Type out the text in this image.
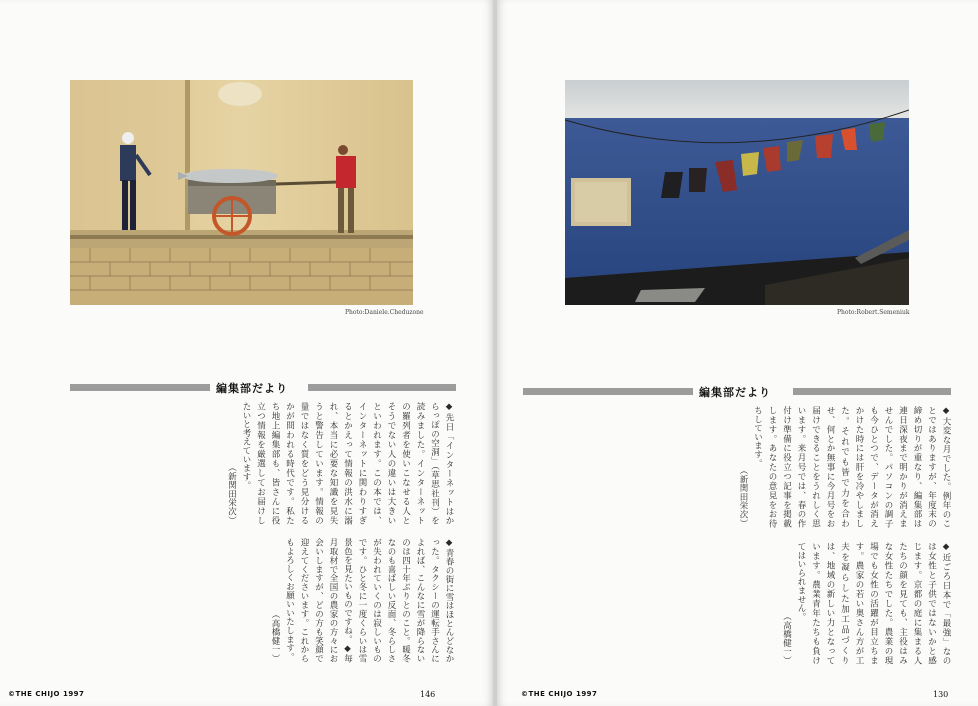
Photo:Daniele.Cheduzone
編集部だより
◆先日「インターネットはからっぽの空洞」（草思社刊）を読みました。インターネットの羅列者を使いこなせる人とそうでない人の違いは大きいといわれます。この本では、インターネットに関わりすぎるとかえって情報の洪水に溺れ、本当に必要な知識を見失うと警告しています。情報の量ではなく質をどう見分けるかが問われる時代です。私たち地上編集部も、皆さんに役立つ情報を厳選してお届けしたいと考えています。
（新関田栄次）
◆青春の街に雪はほとんどなかった。タクシーの運転手さんによれば、こんなに雪が降らないのは四十年ぶりとのこと。暖冬なのも喜ばしい反面、冬らしさが失われていくのは寂しいものです。ひと冬に一度くらいは雪景色を見たいものですね。◆毎月取材で全国の農家の方々にお会いしますが、どの方も笑顔で迎えてくださいます。これからもよろしくお願いいたします。
（高橋健一）
©THE CHIJO 1997	146
Photo:Robert.Semeniuk
編集部だより
◆大変な月でした。例年のことではありますが、年度末の締め切りが重なり、編集部は連日深夜まで明かりが消えませんでした。パソコンの調子も今ひとつで、データが消えかけた時には肝を冷やしました。それでも皆で力を合わせ、何とか無事に今月号をお届けできることをうれしく思います。来月号では、春の作付け準備に役立つ記事を掲載します。あなたの意見をお待ちしています。
（新関田栄次）
◆近ごろ日本で「最強」なのは女性と子供ではないかと感じます。京都の庭に集まる人たちの顔を見ても、主役はみな女性たちでした。農業の現場でも女性の活躍が目立ちます。農家の若い奥さん方が工夫を凝らした加工品づくりは、地域の新しい力となっています。農業青年たちも負けてはいられません。
（高橋健一）
©THE CHIJO 1997	130
